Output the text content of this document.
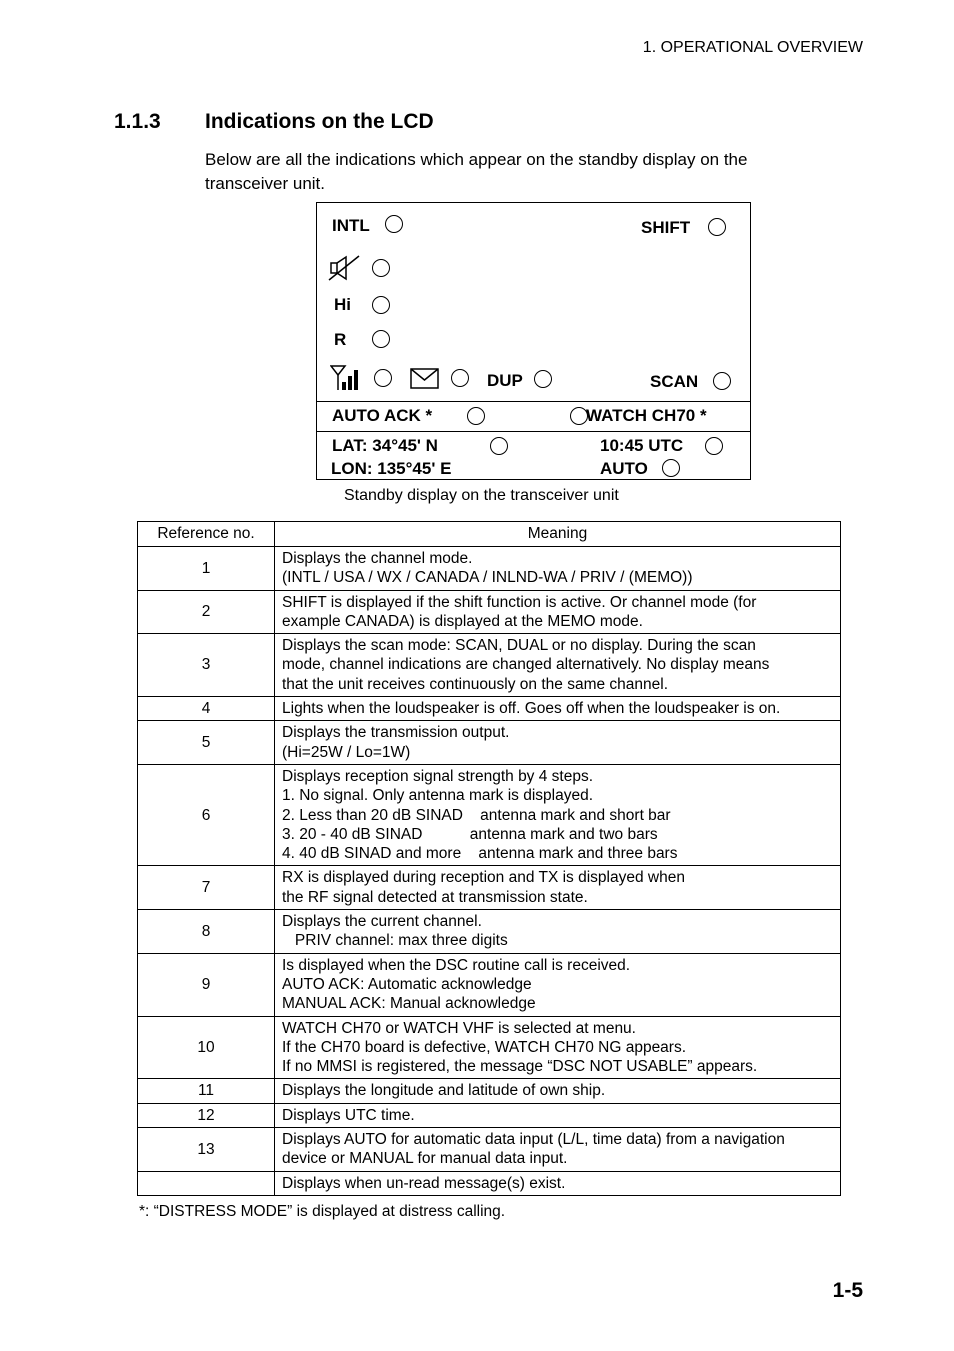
1. OPERATIONAL OVERVIEW
1.1.3 Indications on the LCD
Below are all the indications which appear on the standby display on the transceiver unit.
INTL	SHIFT
Hi
R
DUP	SCAN
AUTO ACK *	WATCH CH70 *
LAT: 34°45' N	10:45 UTC
LON: 135°45' E	AUTO
Standby display on the transceiver unit
Reference no.	Meaning
1	Displays the channel mode.
(INTL / USA / WX / CANADA / INLND-WA / PRIV / (MEMO))

2	SHIFT is displayed if the shift function is active. Or channel mode (for
example CANADA) is displayed at the MEMO mode.

3	Displays the scan mode: SCAN, DUAL or no display. During the scan
mode, channel indications are changed alternatively. No display means
that the unit receives continuously on the same channel.

4	Lights when the loudspeaker is off. Goes off when the loudspeaker is on.

5	Displays the transmission output.
(Hi=25W / Lo=1W)

6	Displays reception signal strength by 4 steps.
1. No signal. Only antenna mark is displayed.
2. Less than 20 dB SINAD    antenna mark and short bar
3. 20 - 40 dB SINAD           antenna mark and two bars
4. 40 dB SINAD and more    antenna mark and three bars

7	RX is displayed during reception and TX is displayed when
the RF signal detected at transmission state.

8	Displays the current channel.
PRIV channel: max three digits

9	Is displayed when the DSC routine call is received.
AUTO ACK: Automatic acknowledge
MANUAL ACK: Manual acknowledge

10	WATCH CH70 or WATCH VHF is selected at menu.
If the CH70 board is defective, WATCH CH70 NG appears.
If no MMSI is registered, the message “DSC NOT USABLE” appears.

11	Displays the longitude and latitude of own ship.

12	Displays UTC time.

13	Displays AUTO for automatic data input (L/L, time data) from a navigation
device or MANUAL for manual data input.

	Displays when un-read message(s) exist.
*: “DISTRESS MODE” is displayed at distress calling.
1-5
